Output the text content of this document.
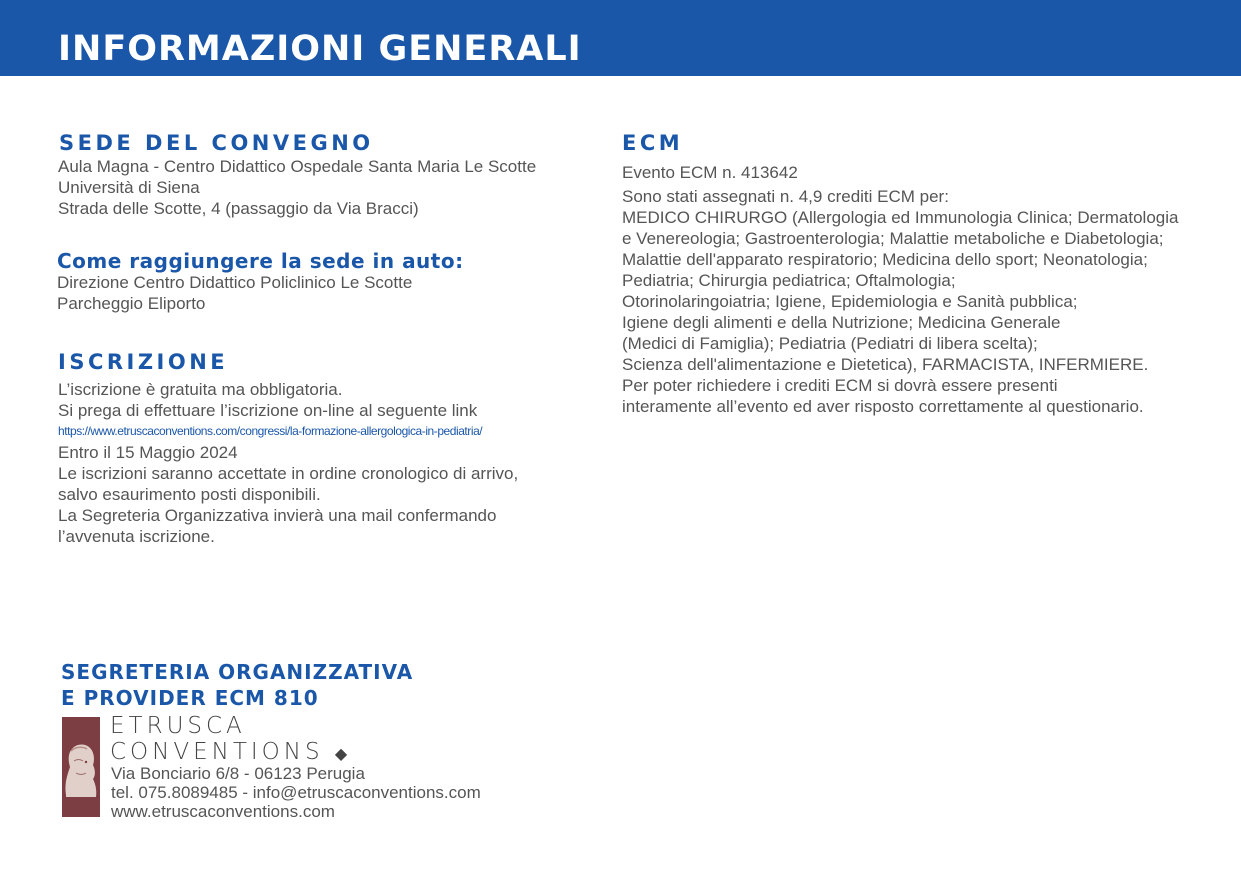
INFORMAZIONI GENERALI
SEDE DEL CONVEGNO

Aula Magna - Centro Didattico Ospedale Santa Maria Le Scotte
Università di Siena
Strada delle Scotte, 4 (passaggio da Via Bracci)

Come raggiungere la sede in auto:

Direzione Centro Didattico Policlinico Le Scotte
Parcheggio Eliporto

ISCRIZIONE

L’iscrizione è gratuita ma obbligatoria.
Si prega di effettuare l’iscrizione on-line al seguente link
https://www.etruscaconventions.com/congressi/la-formazione-allergologica-in-pediatria/
Entro il 15 Maggio 2024
Le iscrizioni saranno accettate in ordine cronologico di arrivo,
salvo esaurimento posti disponibili.
La Segreteria Organizzativa invierà una mail confermando
l’avvenuta iscrizione.

ECM

Evento ECM n. 413642

Sono stati assegnati n. 4,9 crediti ECM per:
MEDICO CHIRURGO (Allergologia ed Immunologia Clinica; Dermatologia
e Venereologia; Gastroenterologia; Malattie metaboliche e Diabetologia;
Malattie dell'apparato respiratorio; Medicina dello sport; Neonatologia;
Pediatria; Chirurgia pediatrica; Oftalmologia;
Otorinolaringoiatria; Igiene, Epidemiologia e Sanità pubblica;
Igiene degli alimenti e della Nutrizione; Medicina Generale
(Medici di Famiglia); Pediatria (Pediatri di libera scelta);
Scienza dell'alimentazione e Dietetica), FARMACISTA, INFERMIERE.
Per poter richiedere i crediti ECM si dovrà essere presenti
interamente all’evento ed aver risposto correttamente al questionario.

SEGRETERIA ORGANIZZATIVA
E PROVIDER ECM 810
ETRUSCA
CONVENTIONS ◆

Via Bonciario 6/8 - 06123 Perugia
tel. 075.8089485 - info@etruscaconventions.com
www.etruscaconventions.com
